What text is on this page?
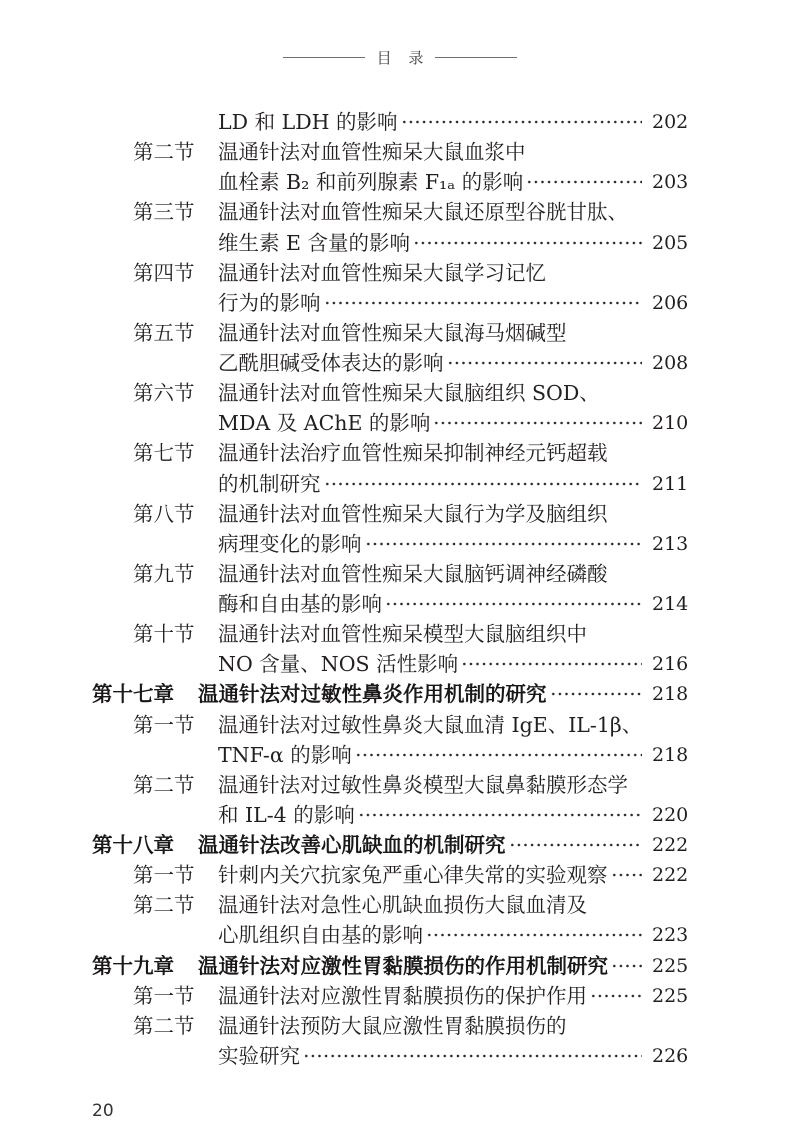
目 录
LD 和 LDH 的影响	202
第二节 温通针法对血管性痴呆大鼠血浆中
血栓素 B₂ 和前列腺素 F₁ₐ 的影响	203
第三节 温通针法对血管性痴呆大鼠还原型谷胱甘肽、
维生素 E 含量的影响	205
第四节 温通针法对血管性痴呆大鼠学习记忆
行为的影响	206
第五节 温通针法对血管性痴呆大鼠海马烟碱型
乙酰胆碱受体表达的影响	208
第六节 温通针法对血管性痴呆大鼠脑组织 SOD、
MDA 及 AChE 的影响	210
第七节 温通针法治疗血管性痴呆抑制神经元钙超载
的机制研究	211
第八节 温通针法对血管性痴呆大鼠行为学及脑组织
病理变化的影响	213
第九节 温通针法对血管性痴呆大鼠脑钙调神经磷酸
酶和自由基的影响	214
第十节 温通针法对血管性痴呆模型大鼠脑组织中
NO 含量、NOS 活性影响	216
第十七章 温通针法对过敏性鼻炎作用机制的研究	218
第一节 温通针法对过敏性鼻炎大鼠血清 IgE、IL-1β、
TNF-α 的影响	218
第二节 温通针法对过敏性鼻炎模型大鼠鼻黏膜形态学
和 IL-4 的影响	220
第十八章 温通针法改善心肌缺血的机制研究	222
第一节 针刺内关穴抗家兔严重心律失常的实验观察 222
第二节 温通针法对急性心肌缺血损伤大鼠血清及
心肌组织自由基的影响	223
第十九章 温通针法对应激性胃黏膜损伤的作用机制研究 225
第一节 温通针法对应激性胃黏膜损伤的保护作用	225
第二节 温通针法预防大鼠应激性胃黏膜损伤的
实验研究	226
20
